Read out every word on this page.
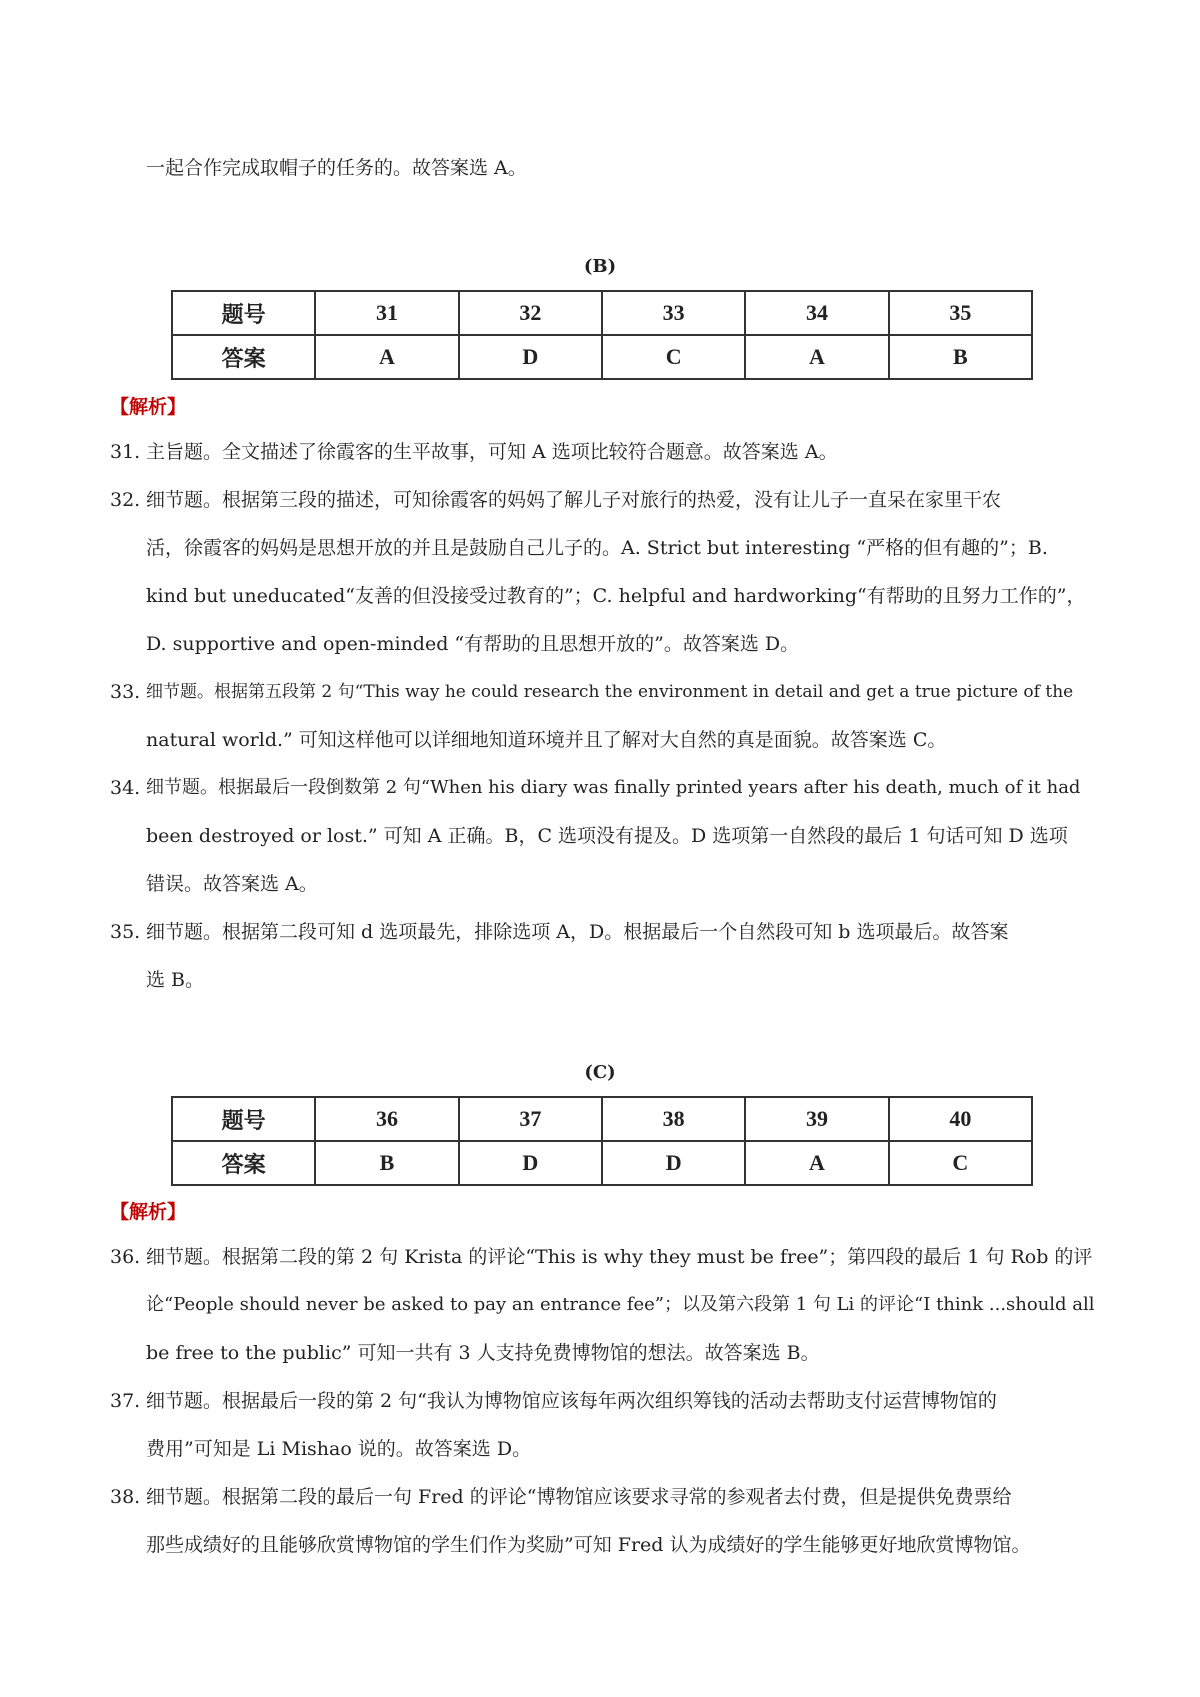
一起合作完成取帽子的任务的。故答案选 A。
(B)
题号	31	32	33	34	35
答案	A	D	C	A	B
【解析】
31. 主旨题。全文描述了徐霞客的生平故事，可知 A 选项比较符合题意。故答案选 A。
32. 细节题。根据第三段的描述，可知徐霞客的妈妈了解儿子对旅行的热爱，没有让儿子一直呆在家里干农
活，徐霞客的妈妈是思想开放的并且是鼓励自己儿子的。A. Strict but interesting “严格的但有趣的”；B.
kind but uneducated“友善的但没接受过教育的”；C. helpful and hardworking“有帮助的且努力工作的”，
D. supportive and open-minded “有帮助的且思想开放的”。故答案选 D。
33. 细节题。根据第五段第 2 句“This way he could research the environment in detail and get a true picture of the
natural world.” 可知这样他可以详细地知道环境并且了解对大自然的真是面貌。故答案选 C。
34. 细节题。根据最后一段倒数第 2 句“When his diary was finally printed years after his death, much of it had
been destroyed or lost.” 可知 A 正确。B，C 选项没有提及。D 选项第一自然段的最后 1 句话可知 D 选项
错误。故答案选 A。
35. 细节题。根据第二段可知 d 选项最先，排除选项 A，D。根据最后一个自然段可知 b 选项最后。故答案
选 B。
(C)
题号	36	37	38	39	40
答案	B	D	D	A	C
【解析】
36. 细节题。根据第二段的第 2 句 Krista 的评论“This is why they must be free”；第四段的最后 1 句 Rob 的评
论“People should never be asked to pay an entrance fee”；以及第六段第 1 句 Li 的评论“I think ...should all
be free to the public” 可知一共有 3 人支持免费博物馆的想法。故答案选 B。
37. 细节题。根据最后一段的第 2 句“我认为博物馆应该每年两次组织筹钱的活动去帮助支付运营博物馆的
费用”可知是 Li Mishao 说的。故答案选 D。
38. 细节题。根据第二段的最后一句 Fred 的评论“博物馆应该要求寻常的参观者去付费，但是提供免费票给
那些成绩好的且能够欣赏博物馆的学生们作为奖励”可知 Fred 认为成绩好的学生能够更好地欣赏博物馆。
